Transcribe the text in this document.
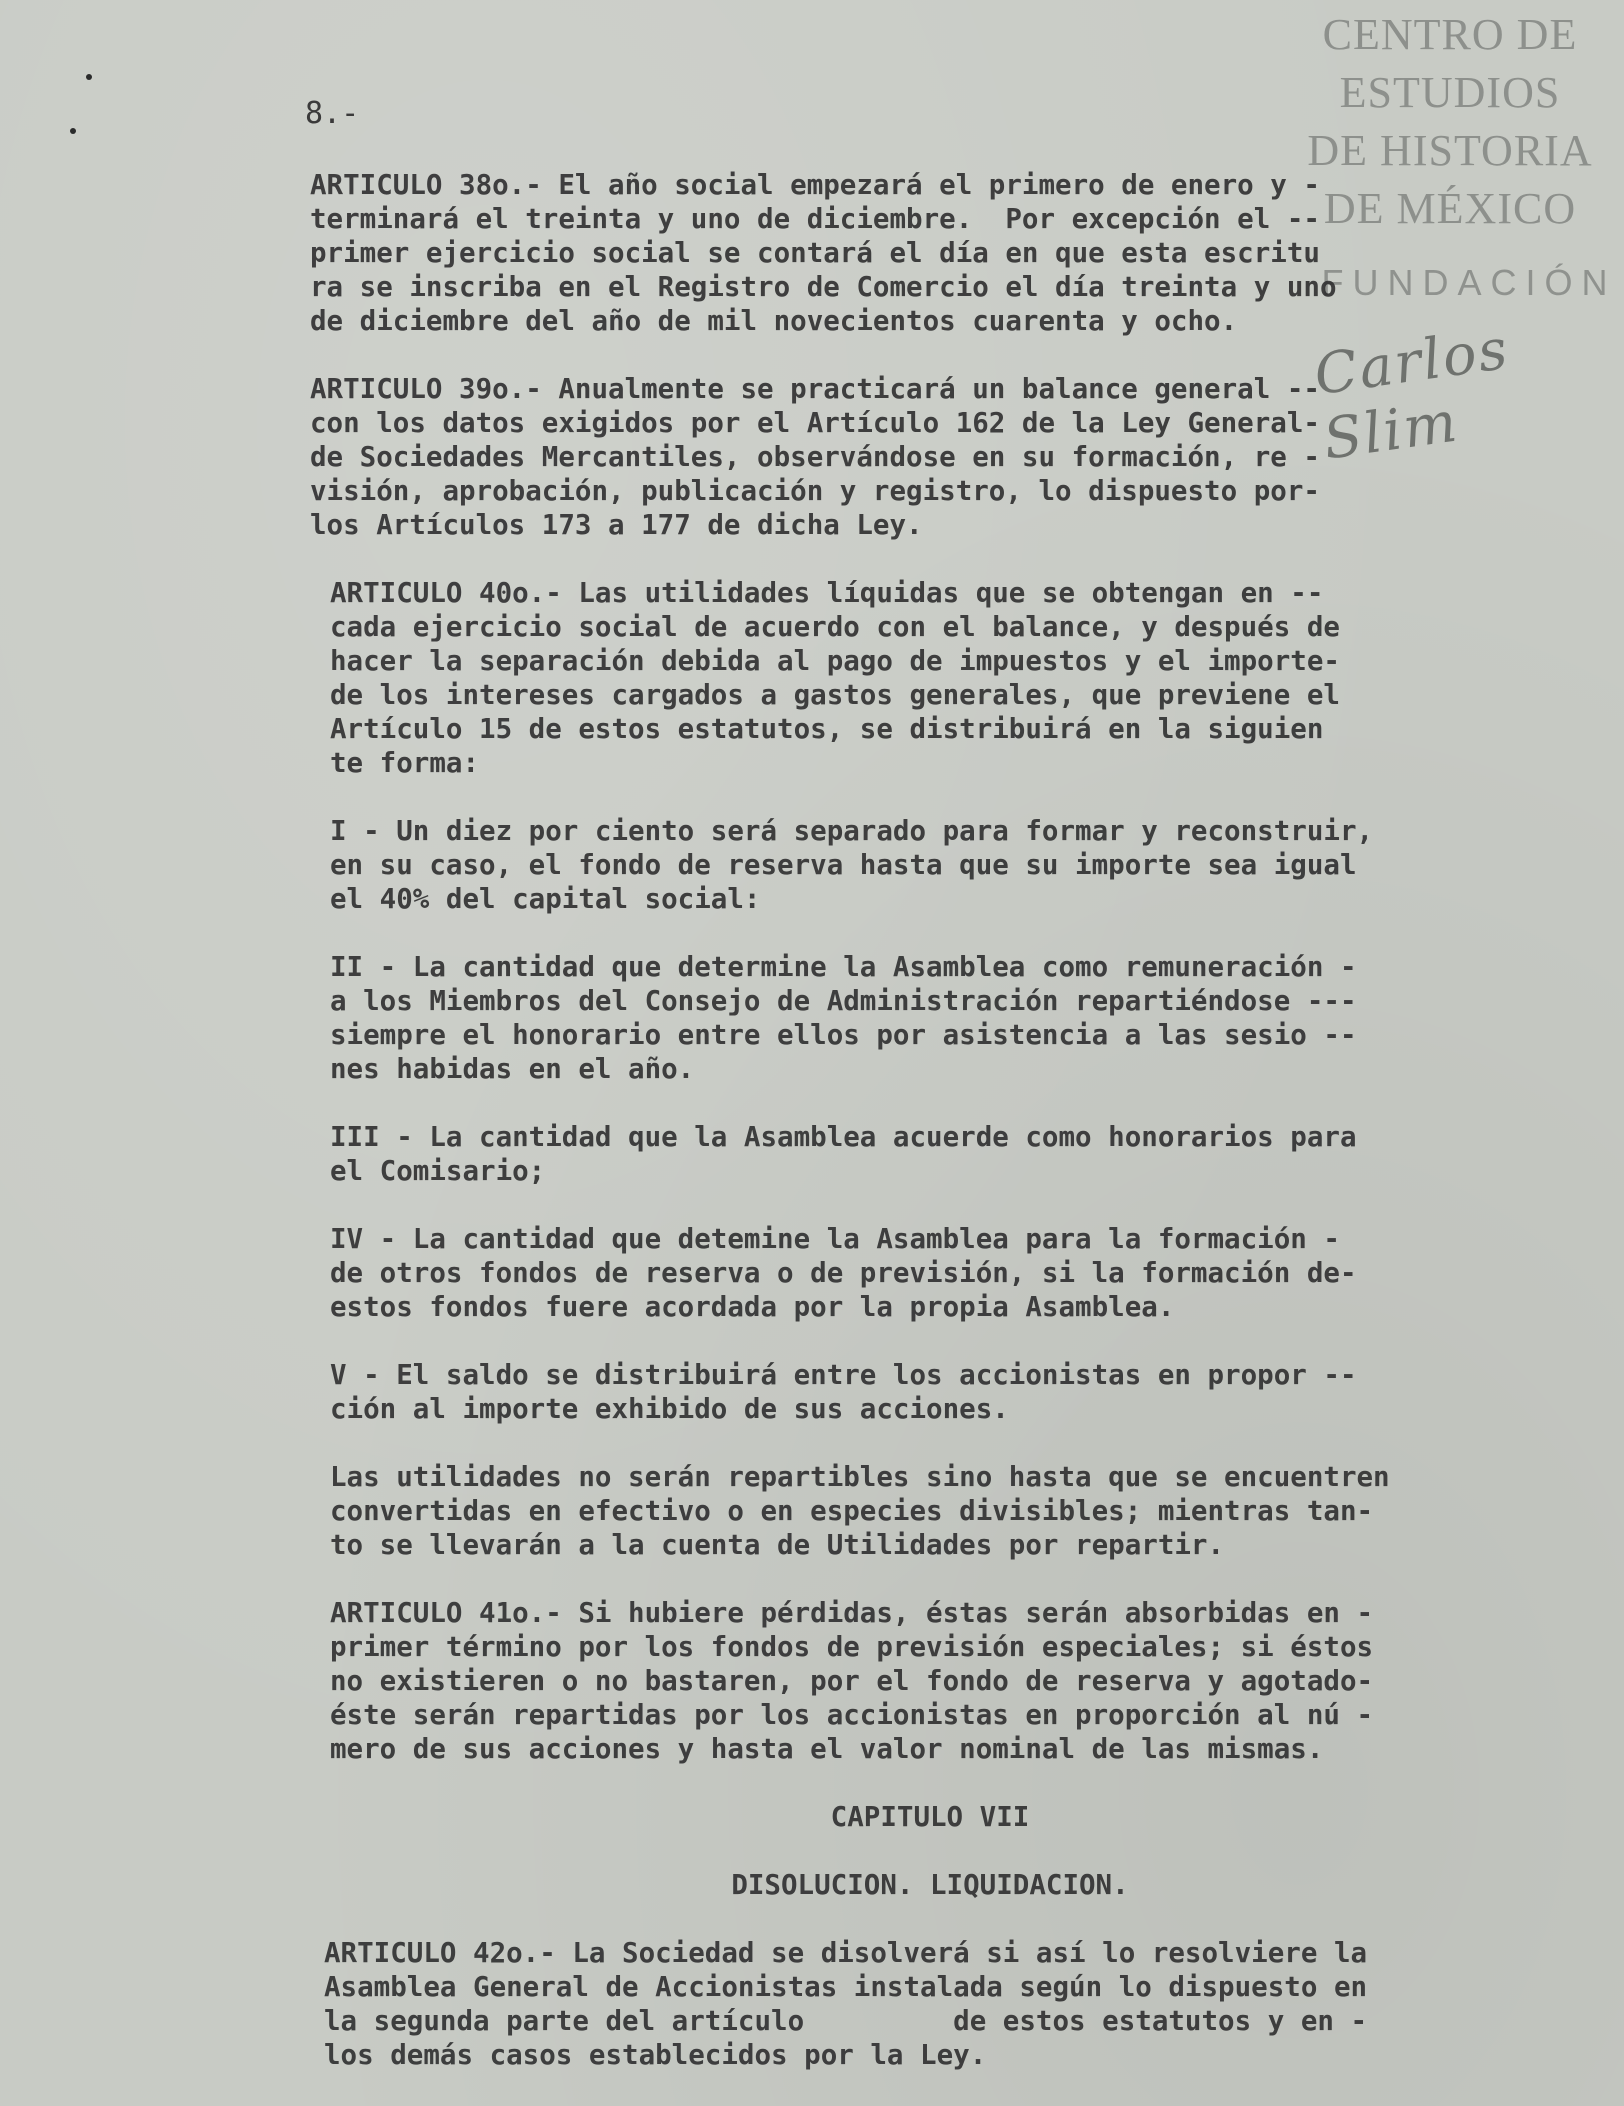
CENTRO DE
ESTUDIOS
DE HISTORIA
DE MÉXICO
FUNDACIÓN
Carlos Slim
8.-
ARTICULO 38o.- El año social empezará el primero de enero y -
terminará el treinta y uno de diciembre.  Por excepción el --
primer ejercicio social se contará el día en que esta escritu
ra se inscriba en el Registro de Comercio el día treinta y uno
de diciembre del año de mil novecientos cuarenta y ocho.
ARTICULO 39o.- Anualmente se practicará un balance general --
con los datos exigidos por el Artículo 162 de la Ley General-
de Sociedades Mercantiles, observándose en su formación, re -
visión, aprobación, publicación y registro, lo dispuesto por-
los Artículos 173 a 177 de dicha Ley.
ARTICULO 40o.- Las utilidades líquidas que se obtengan en --
cada ejercicio social de acuerdo con el balance, y después de
hacer la separación debida al pago de impuestos y el importe-
de los intereses cargados a gastos generales, que previene el
Artículo 15 de estos estatutos, se distribuirá en la siguien
te forma:
I - Un diez por ciento será separado para formar y reconstruir,
en su caso, el fondo de reserva hasta que su importe sea igual
el 40% del capital social:
II - La cantidad que determine la Asamblea como remuneración -
a los Miembros del Consejo de Administración repartiéndose ---
siempre el honorario entre ellos por asistencia a las sesio --
nes habidas en el año.
III - La cantidad que la Asamblea acuerde como honorarios para
el Comisario;
IV - La cantidad que detemine la Asamblea para la formación -
de otros fondos de reserva o de previsión, si la formación de-
estos fondos fuere acordada por la propia Asamblea.
V - El saldo se distribuirá entre los accionistas en propor --
ción al importe exhibido de sus acciones.
Las utilidades no serán repartibles sino hasta que se encuentren
convertidas en efectivo o en especies divisibles; mientras tan-
to se llevarán a la cuenta de Utilidades por repartir.
ARTICULO 41o.- Si hubiere pérdidas, éstas serán absorbidas en -
primer término por los fondos de previsión especiales; si éstos
no existieren o no bastaren, por el fondo de reserva y agotado-
éste serán repartidas por los accionistas en proporción al nú -
mero de sus acciones y hasta el valor nominal de las mismas.
CAPITULO VII
DISOLUCION. LIQUIDACION.
ARTICULO 42o.- La Sociedad se disolverá si así lo resolviere la
Asamblea General de Accionistas instalada según lo dispuesto en
la segunda parte del artículo         de estos estatutos y en -
los demás casos establecidos por la Ley.
